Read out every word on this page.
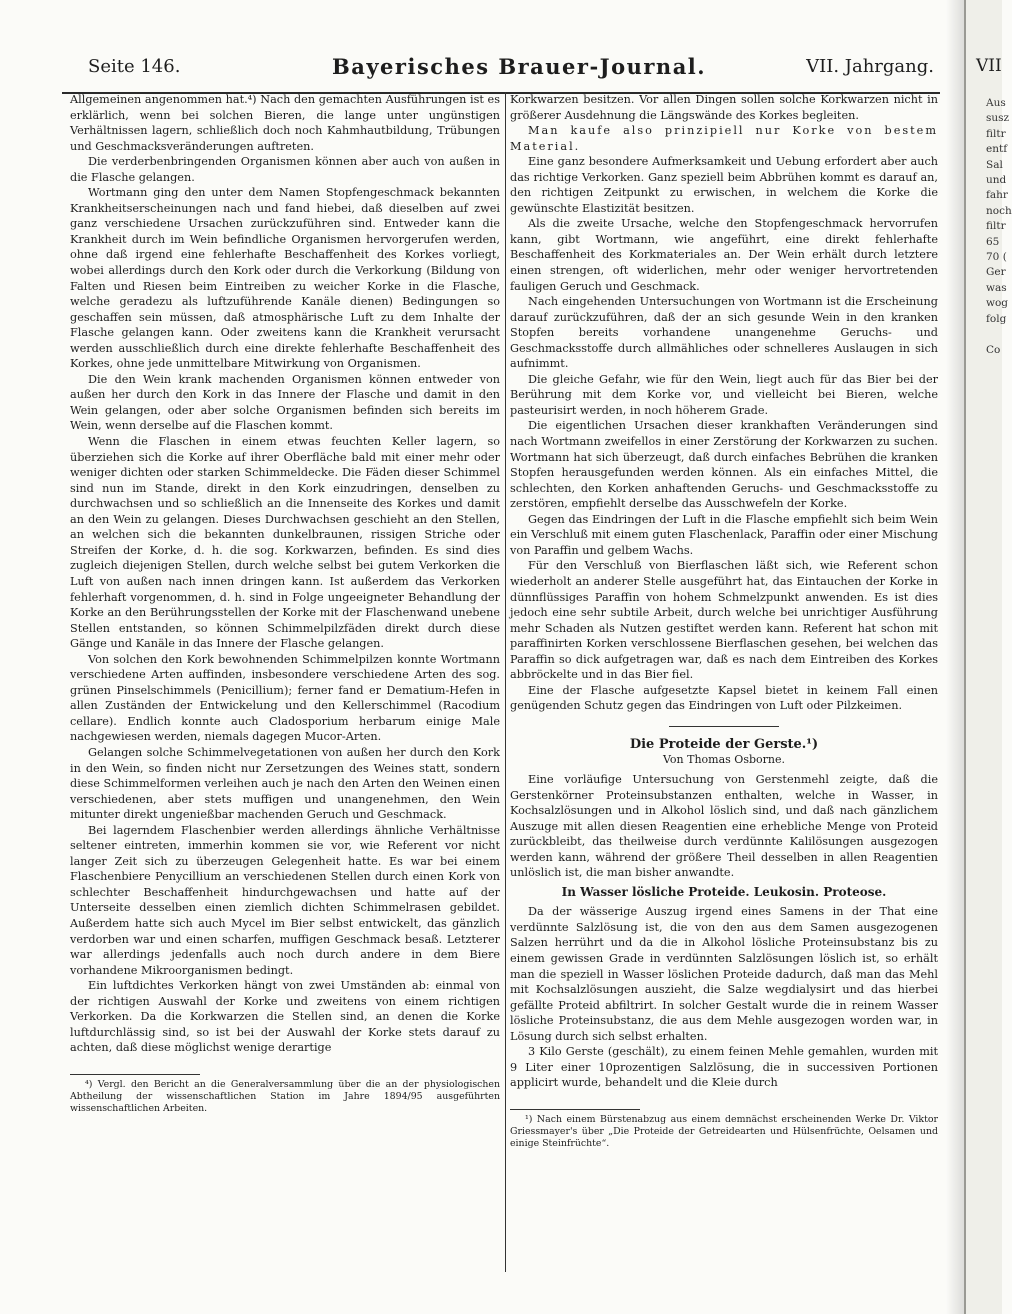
Seite 146.	Bayerisches Brauer-Journal.	VII. Jahrgang.

Allgemeinen angenommen hat.⁴) Nach den gemachten Ausführungen ist es erklärlich, wenn bei solchen Bieren, die lange unter ungünstigen Verhältnissen lagern, schließlich doch noch Kahmhautbildung, Trübungen und Geschmacksveränderungen auftreten.

Die verderbenbringenden Organismen können aber auch von außen in die Flasche gelangen.

Wortmann ging den unter dem Namen Stopfengeschmack bekannten Krankheitserscheinungen nach und fand hiebei, daß dieselben auf zwei ganz verschiedene Ursachen zurückzuführen sind. Entweder kann die Krankheit durch im Wein befindliche Organismen hervorgerufen werden, ohne daß irgend eine fehlerhafte Beschaffenheit des Korkes vorliegt, wobei allerdings durch den Kork oder durch die Verkorkung (Bildung von Falten und Riesen beim Eintreiben zu weicher Korke in die Flasche, welche geradezu als luftzuführende Kanäle dienen) Bedingungen so geschaffen sein müssen, daß atmosphärische Luft zu dem Inhalte der Flasche gelangen kann. Oder zweitens kann die Krankheit verursacht werden ausschließlich durch eine direkte fehlerhafte Beschaffenheit des Korkes, ohne jede unmittelbare Mitwirkung von Organismen.

Die den Wein krank machenden Organismen können entweder von außen her durch den Kork in das Innere der Flasche und damit in den Wein gelangen, oder aber solche Organismen befinden sich bereits im Wein, wenn derselbe auf die Flaschen kommt.

Wenn die Flaschen in einem etwas feuchten Keller lagern, so überziehen sich die Korke auf ihrer Oberfläche bald mit einer mehr oder weniger dichten oder starken Schimmeldecke. Die Fäden dieser Schimmel sind nun im Stande, direkt in den Kork einzudringen, denselben zu durchwachsen und so schließlich an die Innenseite des Korkes und damit an den Wein zu gelangen. Dieses Durchwachsen geschieht an den Stellen, an welchen sich die bekannten dunkelbraunen, rissigen Striche oder Streifen der Korke, d. h. die sog. Korkwarzen, befinden. Es sind dies zugleich diejenigen Stellen, durch welche selbst bei gutem Verkorken die Luft von außen nach innen dringen kann. Ist außerdem das Verkorken fehlerhaft vorgenommen, d. h. sind in Folge ungeeigneter Behandlung der Korke an den Berührungsstellen der Korke mit der Flaschenwand unebene Stellen entstanden, so können Schimmelpilzfäden direkt durch diese Gänge und Kanäle in das Innere der Flasche gelangen.

Von solchen den Kork bewohnenden Schimmelpilzen konnte Wortmann verschiedene Arten auffinden, insbesondere verschiedene Arten des sog. grünen Pinselschimmels (Penicillium); ferner fand er Dematium-Hefen in allen Zuständen der Entwickelung und den Kellerschimmel (Racodium cellare). Endlich konnte auch Cladosporium herbarum einige Male nachgewiesen werden, niemals dagegen Mucor-Arten.

Gelangen solche Schimmelvegetationen von außen her durch den Kork in den Wein, so finden nicht nur Zersetzungen des Weines statt, sondern diese Schimmelformen verleihen auch je nach den Arten den Weinen einen verschiedenen, aber stets muffigen und unangenehmen, den Wein mitunter direkt ungenießbar machenden Geruch und Geschmack.

Bei lagerndem Flaschenbier werden allerdings ähnliche Verhältnisse seltener eintreten, immerhin kommen sie vor, wie Referent vor nicht langer Zeit sich zu überzeugen Gelegenheit hatte. Es war bei einem Flaschenbiere Penycillium an verschiedenen Stellen durch einen Kork von schlechter Beschaffenheit hindurchgewachsen und hatte auf der Unterseite desselben einen ziemlich dichten Schimmelrasen gebildet. Außerdem hatte sich auch Mycel im Bier selbst entwickelt, das gänzlich verdorben war und einen scharfen, muffigen Geschmack besaß. Letzterer war allerdings jedenfalls auch noch durch andere in dem Biere vorhandene Mikroorganismen bedingt.

Ein luftdichtes Verkorken hängt von zwei Umständen ab: einmal von der richtigen Auswahl der Korke und zweitens von einem richtigen Verkorken. Da die Korkwarzen die Stellen sind, an denen die Korke luftdurchlässig sind, so ist bei der Auswahl der Korke stets darauf zu achten, daß diese möglichst wenige derartige

⁴) Vergl. den Bericht an die Generalversammlung über die an der physiologischen Abtheilung der wissenschaftlichen Station im Jahre 1894/95 ausgeführten wissenschaftlichen Arbeiten.

Korkwarzen besitzen. Vor allen Dingen sollen solche Korkwarzen nicht in größerer Ausdehnung die Längswände des Korkes begleiten.

Man kaufe also prinzipiell nur Korke von bestem Material.

Eine ganz besondere Aufmerksamkeit und Uebung erfordert aber auch das richtige Verkorken. Ganz speziell beim Abbrühen kommt es darauf an, den richtigen Zeitpunkt zu erwischen, in welchem die Korke die gewünschte Elastizität besitzen.

Als die zweite Ursache, welche den Stopfengeschmack hervorrufen kann, gibt Wortmann, wie angeführt, eine direkt fehlerhafte Beschaffenheit des Korkmateriales an. Der Wein erhält durch letztere einen strengen, oft widerlichen, mehr oder weniger hervortretenden fauligen Geruch und Geschmack.

Nach eingehenden Untersuchungen von Wortmann ist die Erscheinung darauf zurückzuführen, daß der an sich gesunde Wein in den kranken Stopfen bereits vorhandene unangenehme Geruchs- und Geschmacksstoffe durch allmähliches oder schnelleres Auslaugen in sich aufnimmt.

Die gleiche Gefahr, wie für den Wein, liegt auch für das Bier bei der Berührung mit dem Korke vor, und vielleicht bei Bieren, welche pasteurisirt werden, in noch höherem Grade.

Die eigentlichen Ursachen dieser krankhaften Veränderungen sind nach Wortmann zweifellos in einer Zerstörung der Korkwarzen zu suchen. Wortmann hat sich überzeugt, daß durch einfaches Bebrühen die kranken Stopfen herausgefunden werden können. Als ein einfaches Mittel, die schlechten, den Korken anhaftenden Geruchs- und Geschmacksstoffe zu zerstören, empfiehlt derselbe das Ausschwefeln der Korke.

Gegen das Eindringen der Luft in die Flasche empfiehlt sich beim Wein ein Verschluß mit einem guten Flaschenlack, Paraffin oder einer Mischung von Paraffin und gelbem Wachs.

Für den Verschluß von Bierflaschen läßt sich, wie Referent schon wiederholt an anderer Stelle ausgeführt hat, das Eintauchen der Korke in dünnflüssiges Paraffin von hohem Schmelzpunkt anwenden. Es ist dies jedoch eine sehr subtile Arbeit, durch welche bei unrichtiger Ausführung mehr Schaden als Nutzen gestiftet werden kann. Referent hat schon mit paraffinirten Korken verschlossene Bierflaschen gesehen, bei welchen das Paraffin so dick aufgetragen war, daß es nach dem Eintreiben des Korkes abbröckelte und in das Bier fiel.

Eine der Flasche aufgesetzte Kapsel bietet in keinem Fall einen genügenden Schutz gegen das Eindringen von Luft oder Pilzkeimen.

Die Proteide der Gerste.¹)
Von Thomas Osborne.

Eine vorläufige Untersuchung von Gerstenmehl zeigte, daß die Gerstenkörner Proteinsubstanzen enthalten, welche in Wasser, in Kochsalzlösungen und in Alkohol löslich sind, und daß nach gänzlichem Auszuge mit allen diesen Reagentien eine erhebliche Menge von Proteid zurückbleibt, das theilweise durch verdünnte Kalilösungen ausgezogen werden kann, während der größere Theil desselben in allen Reagentien unlöslich ist, die man bisher anwandte.

In Wasser lösliche Proteide. Leukosin. Proteose.

Da der wässerige Auszug irgend eines Samens in der That eine verdünnte Salzlösung ist, die von den aus dem Samen ausgezogenen Salzen herrührt und da die in Alkohol lösliche Proteinsubstanz bis zu einem gewissen Grade in verdünnten Salzlösungen löslich ist, so erhält man die speziell in Wasser löslichen Proteide dadurch, daß man das Mehl mit Kochsalzlösungen auszieht, die Salze wegdialysirt und das hierbei gefällte Proteid abfiltrirt. In solcher Gestalt wurde die in reinem Wasser lösliche Proteinsubstanz, die aus dem Mehle ausgezogen worden war, in Lösung durch sich selbst erhalten.

3 Kilo Gerste (geschält), zu einem feinen Mehle gemahlen, wurden mit 9 Liter einer 10prozentigen Salzlösung, die in successiven Portionen applicirt wurde, behandelt und die Kleie durch

¹) Nach einem Bürstenabzug aus einem demnächst erscheinenden Werke Dr. Viktor Griessmayer's über „Die Proteide der Getreidearten und Hülsenfrüchte, Oelsamen und einige Steinfrüchte“.

VII
Aus
susz
filtr
entf
Sal
und
fahr
noch
filtr
65
70 (
Ger
was
wog
folg

Co
